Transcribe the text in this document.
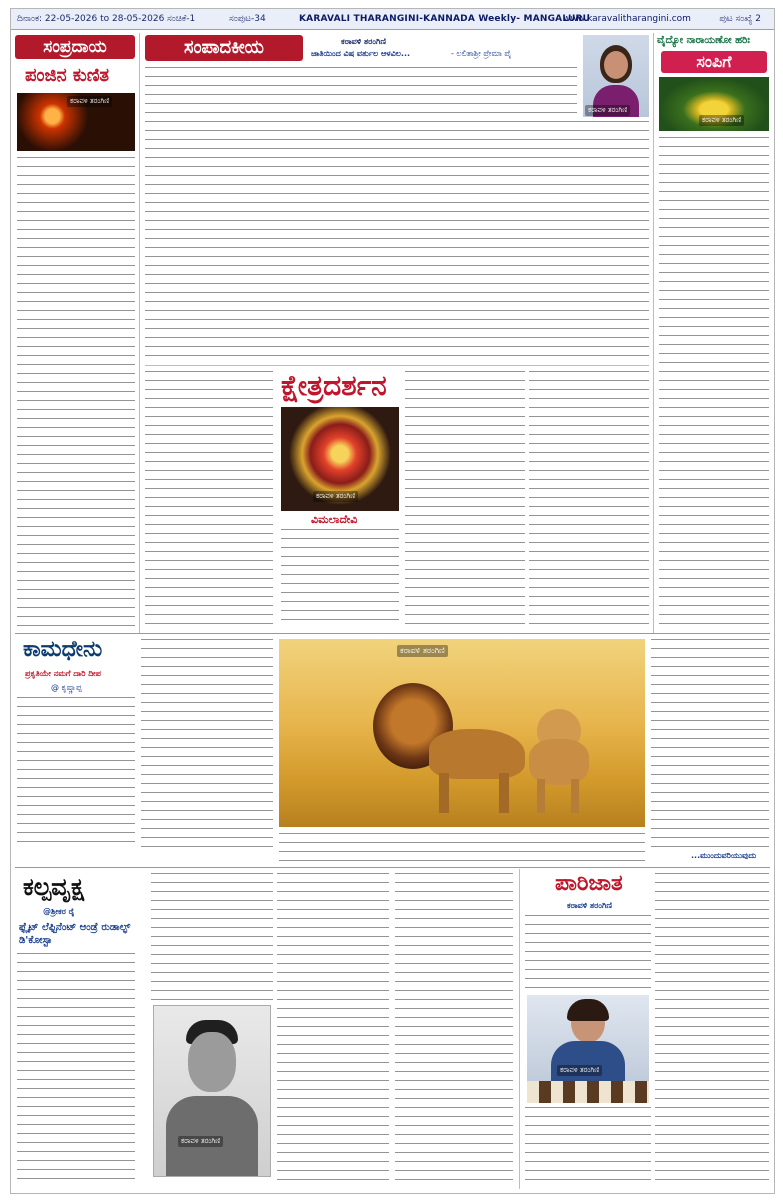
ದಿನಾಂಕ: 22-05-2026 to 28-05-2026 ಸಂಚಿಕೆ-1	ಸಂಪುಟ-34	KARAVALI THARANGINI-KANNADA Weekly- MANGALURU
www.karavalitharangini.com	ಪುಟ ಸಂಖ್ಯೆ 2
ಸಂಪ್ರದಾಯ
ಪಂಜಿನ ಕುಣಿತ
ಕರಾವಳಿ ತರಂಗಿಣಿ
ಸಂಪಾದಕೀಯ	ಕರಾವಳಿ ತರಂಗಿಣಿ
ಜಾತಿಯಿಂದ ವಿಷ ವರ್ತುಲ ಆಳವಿಲ...	- ಲಲಿತಾಶ್ರೀ ಪ್ರೇಮಾ ಪೈ
ಕರಾವಳಿ ತರಂಗಿಣಿ
ವೈದ್ಯೋ ನಾರಾಯಣೋ ಹರಿಃ
ಸಂಪಿಗೆ
ಕರಾವಳಿ ತರಂಗಿಣಿ
ಕ್ಷೇತ್ರದರ್ಶನ
ಕರಾವಳಿ ತರಂಗಿಣಿ
ವಿಮಲಾದೇವಿ
ಕಾಮಧೇನು
ಪ್ರಕೃತಿಯೇ ನಮಗೆ ದಾರಿ ದೀಪ
@ ಕೃಷ್ಣಾಪ್ಪ
ಕರಾವಳಿ ತರಂಗಿಣಿ
...ಮುಂದುವರಿಯುವುದು
ಕಲ್ಪವೃಕ್ಷ
@ಶ್ರೀಕರ ರೈ
ಫ್ಲೈಟ್ ಲೆಫ್ಟಿನೆಂಟ್ ಆಂಡ್ರೆ ರುಡಾಲ್ಫ್ ಡಿ'ಕೋಸ್ಟಾ
ಕರಾವಳಿ ತರಂಗಿಣಿ
ಪಾರಿಜಾತ
ಕರಾವಳಿ ತರಂಗಿಣಿ
ಕರಾವಳಿ ತರಂಗಿಣಿ
